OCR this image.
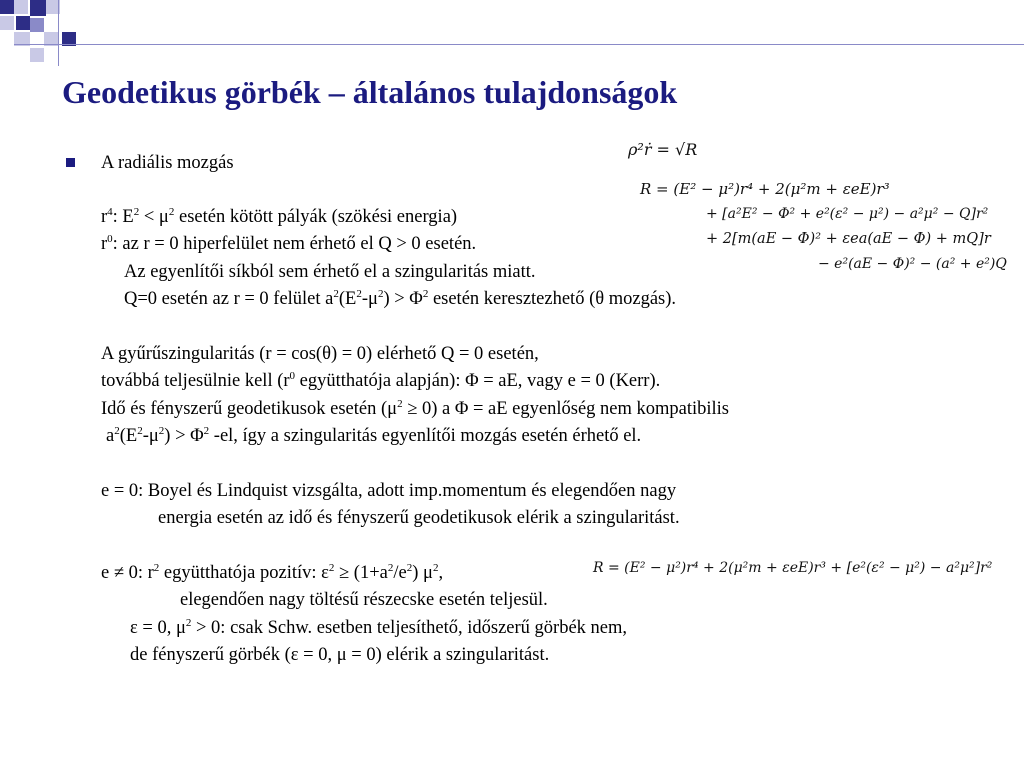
Geodetikus görbék – általános tulajdonságok
A radiális mozgás
$r^4$: $E^2 < \mu^2$ esetén kötött pályák (szökési energia)
$r^0$: az r = 0 hiperfelület nem érhető el Q > 0 esetén.
Az egyenlítői síkból sem érhető el a szingularitás miatt.
Q=0 esetén az r = 0 felület $a^2(E^2-\mu^2) > \Phi^2$ esetén keresztezhető (θ mozgás).
A gyűrűszingularitás (r = cos(θ) = 0) elérhető Q = 0 esetén,
továbbá teljesülnie kell ($r^0$ együtthatója alapján): Φ = aE, vagy e = 0 (Kerr).
Idő és fényszerű geodetikusok esetén $(\mu^2 \ge 0)$ a Φ = aE egyenlőség nem kompatibilis
$a^2(E^2-\mu^2) > \Phi^2$ -el, így a szingularitás egyenlítői mozgás esetén érhető el.
e = 0: Boyel és Lindquist vizsgálta, adott imp.momentum és elegendően nagy
energia esetén az idő és fényszerű geodetikusok elérik a szingularitást.
e ≠ 0: $r^2$ együtthatója pozitív: $\varepsilon^2 \ge (1+a^2/e^2)$ $\mu^2$,
elegendően nagy töltésű részecske esetén teljesül.
ε = 0, $\mu^2 > 0$: csak Schw. esetben teljesíthető, időszerű görbék nem,
de fényszerű görbék (ε = 0, μ = 0) elérik a szingularitást.
ρ²ṙ = √R
R = (E² − μ²)r⁴ + 2(μ²m + εeE)r³
+ [a²E² − Φ² + e²(ε² − μ²) − a²μ² − Q]r²
+ 2[m(aE − Φ)² + εea(aE − Φ) + mQ]r
− e²(aE − Φ)² − (a² + e²)Q
R = (E² − μ²)r⁴ + 2(μ²m + εeE)r³ + [e²(ε² − μ²) − a²μ²]r²
